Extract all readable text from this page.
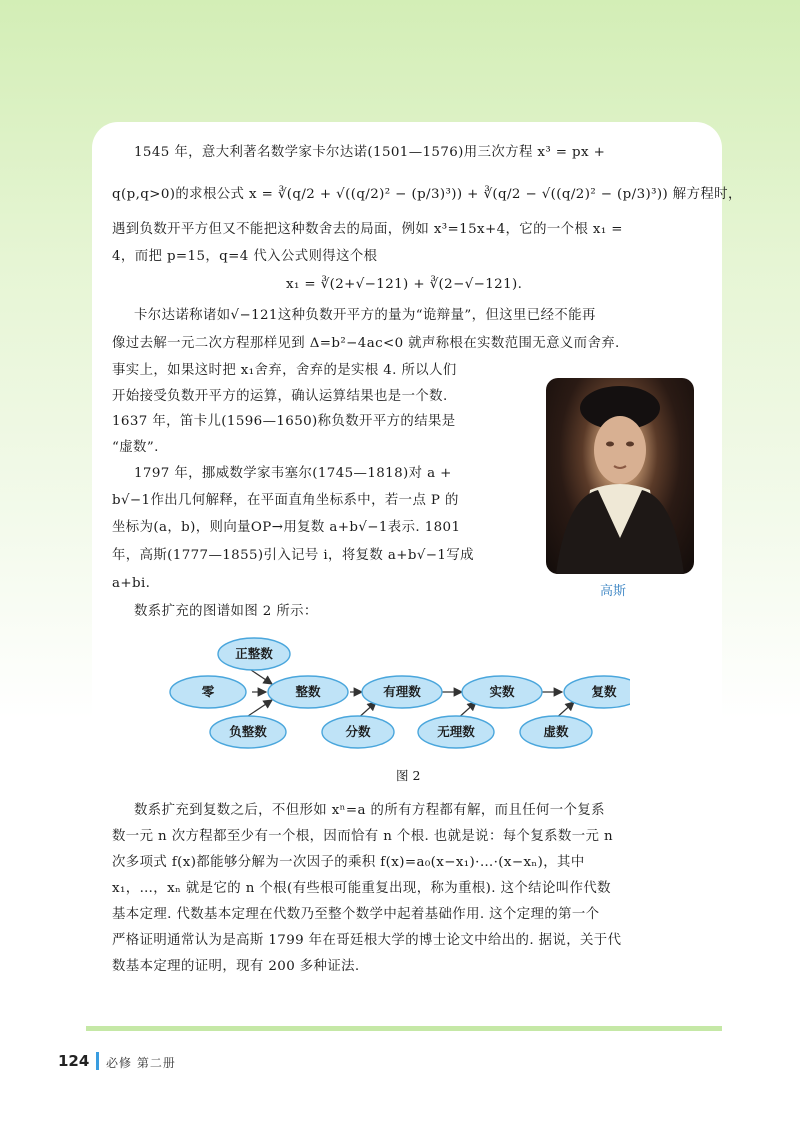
1545 年，意大利著名数学家卡尔达诺(1501—1576)用三次方程 x³ = px +
q(p,q>0)的求根公式 x = ∛(q/2 + √((q/2)² − (p/3)³)) + ∛(q/2 − √((q/2)² − (p/3)³)) 解方程时，
遇到负数开平方但又不能把这种数舍去的局面，例如 x³=15x+4，它的一个根 x₁ =
4，而把 p=15，q=4 代入公式则得这个根
x₁ = ∛(2+√−121) + ∛(2−√−121).
卡尔达诺称诸如√−121这种负数开平方的量为“诡辩量”，但这里已经不能再
像过去解一元二次方程那样见到 Δ=b²−4ac<0 就声称根在实数范围无意义而舍弃.
事实上，如果这时把 x₁舍弃，舍弃的是实根 4. 所以人们
开始接受负数开平方的运算，确认运算结果也是一个数.
1637 年，笛卡儿(1596—1650)称负数开平方的结果是
“虚数”.
1797 年，挪威数学家韦塞尔(1745—1818)对 a +
b√−1作出几何解释，在平面直角坐标系中，若一点 P 的
坐标为(a，b)，则向量OP→用复数 a+b√−1表示. 1801
年，高斯(1777—1855)引入记号 i，将复数 a+b√−1写成
a+bi.
高斯
数系扩充的图谱如图 2 所示：
正整数
零	整数
负整数
有理数
分数
实数
无理数
复数
虚数
图 2
数系扩充到复数之后，不但形如 xⁿ=a 的所有方程都有解，而且任何一个复系
数一元 n 次方程都至少有一个根，因而恰有 n 个根. 也就是说：每个复系数一元 n
次多项式 f(x)都能够分解为一次因子的乘积 f(x)=a₀(x−x₁)·…·(x−xₙ)，其中
x₁，…，xₙ 就是它的 n 个根(有些根可能重复出现，称为重根). 这个结论叫作代数
基本定理. 代数基本定理在代数乃至整个数学中起着基础作用. 这个定理的第一个
严格证明通常认为是高斯 1799 年在哥廷根大学的博士论文中给出的. 据说，关于代
数基本定理的证明，现有 200 多种证法.
124 必修 第二册
